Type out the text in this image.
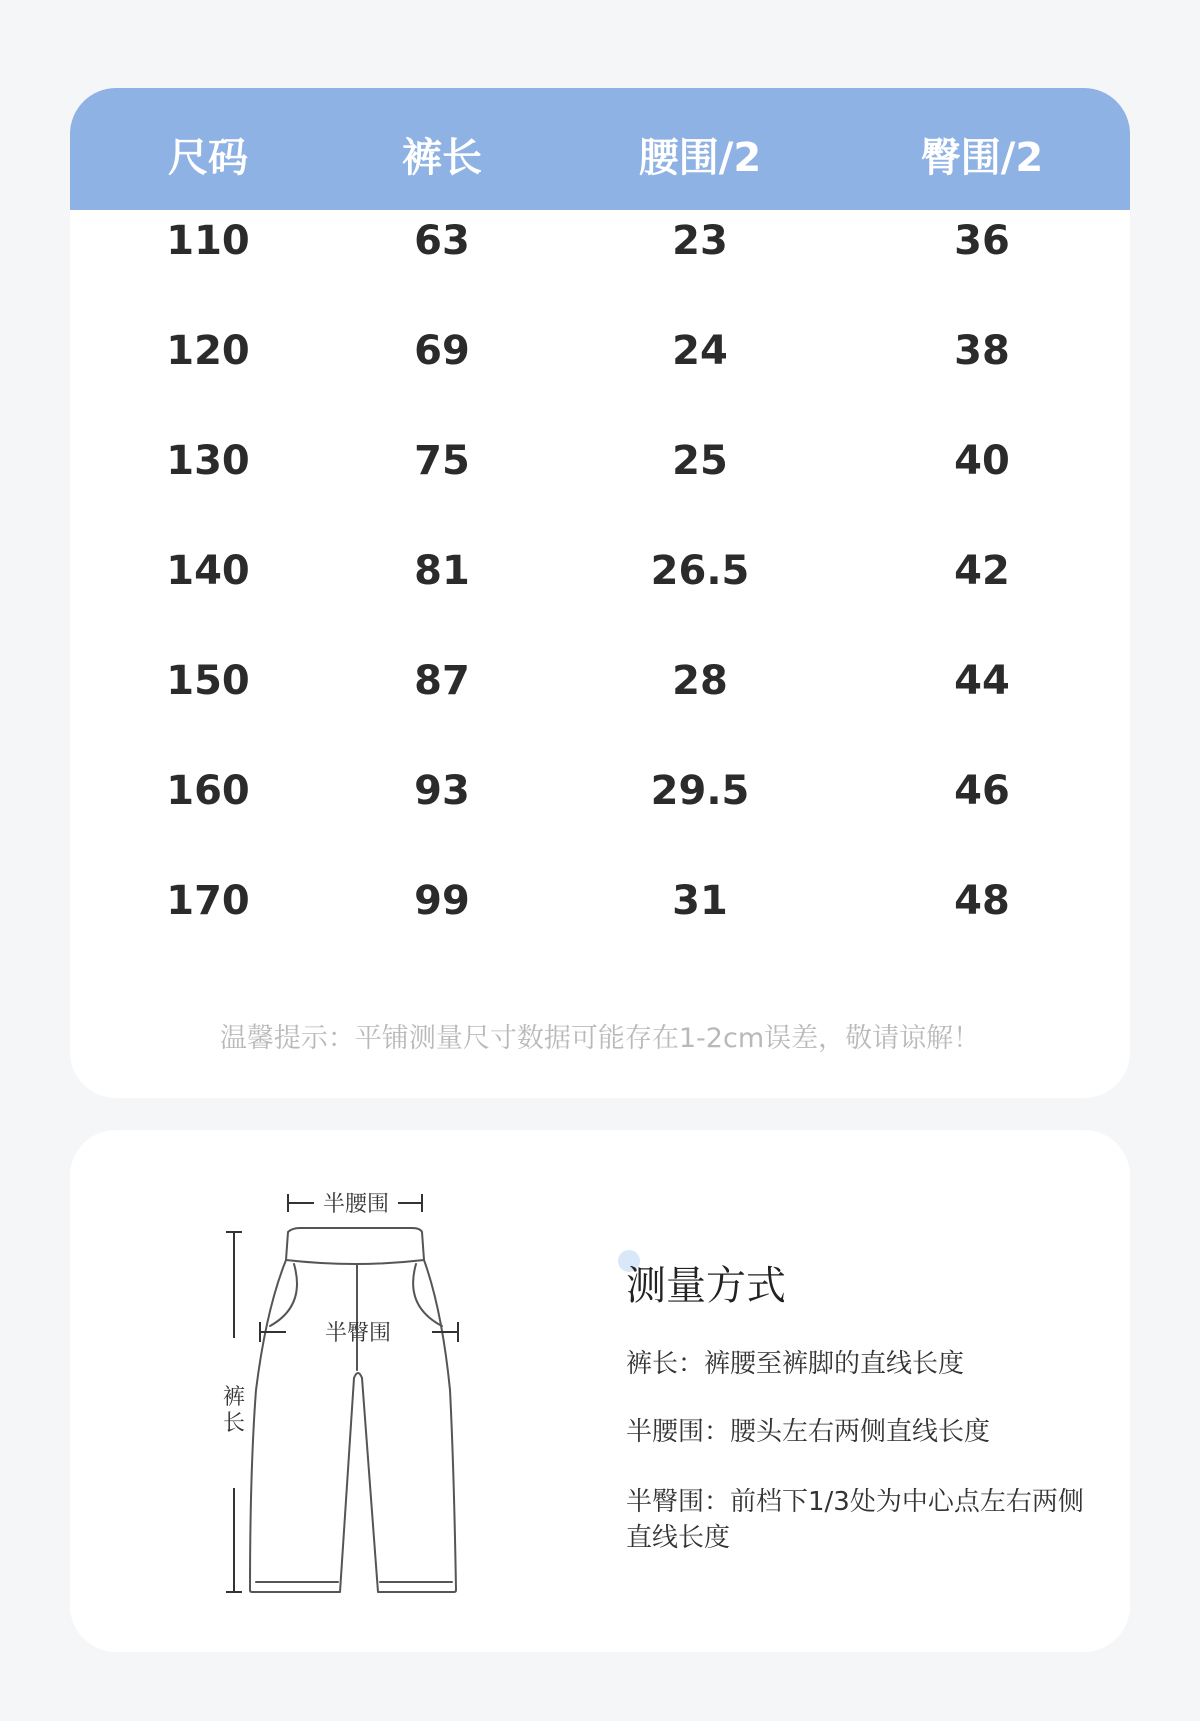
尺码	裤长	腰围/2	臀围/2
110	63	23	36
120	69	24	38
130	75	25	40
140	81	26.5	42
150	87	28	44
160	93	29.5	46
170	99	31	48
温馨提示：平铺测量尺寸数据可能存在1-2cm误差，敬请谅解！
半腰围
半臀围
裤
长
测量方式
裤长：裤腰至裤脚的直线长度
半腰围：腰头左右两侧直线长度
半臀围：前档下1/3处为中心点左右两侧直线长度
